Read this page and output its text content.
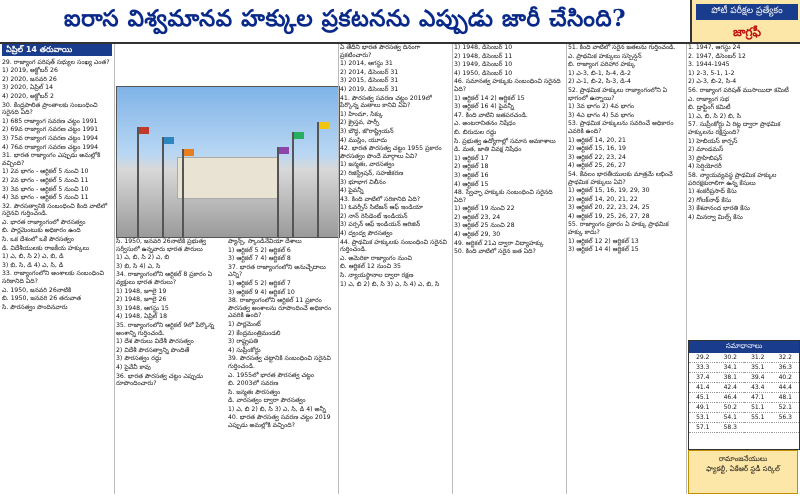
ఐరాస విశ్వమానవ హక్కుల ప్రకటనను ఎప్పుడు జారీ చేసింది?	పోటీ పరీక్షల ప్రత్యేకం
జాగ్రఫీ
ఏప్రిల్ 14 తరువాయి

29. రాజ్యాంగ పరిషత్ సభ్యుల సంఖ్య ఎంత?

1) 2019, అక్టోబర్ 26

2) 2020, జనవరి 26

3) 2020, ఏప్రిల్ 14

4) 2020, అక్టోబర్ 2

30. కేంద్రపాలిత ప్రాంతాలకు సంబంధించి సరైనది ఏది?

1) 685 రాజ్యాంగ సవరణ చట్టం 1991

2) 69వ రాజ్యాంగ సవరణ చట్టం 1991

3) 75వ రాజ్యాంగ సవరణ చట్టం 1994

4) 76వ రాజ్యాంగ సవరణ చట్టం 1994

31. భారత రాజ్యాంగం ఎప్పుడు అమల్లోకి వచ్చింది?

1) 2వ భాగం - ఆర్టికల్ 5 నుంచి 10

2) 2వ భాగం - ఆర్టికల్ 5 నుంచి 11

3) 3వ భాగం - ఆర్టికల్ 5 నుంచి 10

4) 3వ భాగం - ఆర్టికల్ 5 నుంచి 11

32. పౌరసత్వానికి సంబంధించి కింది వాటిలో సరైనవి గుర్తించండి.

ఎ. భారత రాజ్యాంగంలో పౌరసత్వం

బి. పార్లమెంటుకు అధికారం ఉంది

సి. ఒక దేశంలో ఒకే పౌరసత్వం

డి. విదేశీయులకు రాజకీయ హక్కులు

1) ఎ, బి, సి 2) ఎ, బి, డి

3) బి, సి, డి 4) ఎ, సి, డి

33. రాజ్యాంగంలోని అంశాలకు సంబంధించి సరికానిది ఏది?

ఎ. 1950, జనవరి 26నాటికి

బి. 1950, జనవరి 26 తరువాత

సి. పౌరసత్వం పొందినవారు

సి. 1950, జనవరి 26నాటికి ప్రభుత్వ సర్వీసులో ఉన్నవారు భారత పౌరులు

1) ఎ, బి, సి 2) ఎ, బి

3) బి, సి 4) ఎ, సి

34. రాజ్యాంగంలోని ఆర్టికల్ 8 ప్రకారం ఏ వ్యక్తులు భారత పౌరులు?

1) 1948, జూలై 19

2) 1948, జూలై 26

3) 1948, ఆగస్టు 15

4) 1948, ఏప్రిల్ 18

35. రాజ్యాంగంలోని ఆర్టికల్ 9లో పేర్కొన్న అంశాన్ని గుర్తించండి.

1) దేశ పౌరులు విదేశీ పౌరసత్వం

2) విదేశీ పౌరసత్వాన్ని పొందితే

3) పౌరసత్వం రద్దు

4) పైవేవీ కావు

36. భారత పౌరసత్వ చట్టం ఎప్పుడు రూపొందించారు?

ప్యాన్స్, స్కాండినేవియా దేశాలు

1) ఆర్టికల్ 5 2) ఆర్టికల్ 6

3) ఆర్టికల్ 7 4) ఆర్టికల్ 8

37. భారత రాజ్యాంగంలోని అనుచ్ఛేదాలు ఎన్ని?

1) ఆర్టికల్ 5 2) ఆర్టికల్ 7

3) ఆర్టికల్ 9 4) ఆర్టికల్ 10

38. రాజ్యాంగంలోని ఆర్టికల్ 11 ప్రకారం పౌరసత్వ అంశాలను రూపొందించే అధికారం ఎవరికి ఉంది?

1) పార్లమెంట్

2) కేంద్రమంత్రిమండలి

3) రాష్ట్రపతి

4) సుప్రీంకోర్టు

39. పౌరసత్వ చట్టానికి సంబంధించి సరైనవి గుర్తించండి.

ఎ. 1955లో భారత పౌరసత్వ చట్టం

బి. 2003లో సవరణ

సి. జన్మతః పౌరసత్వం

డి. వారసత్వం ద్వారా పౌరసత్వం

1) ఎ, బి 2) బి, సి 3) ఎ, సి, డి 4) అన్నీ

40. భారత పౌరసత్వ సవరణ చట్టం 2019 ఎప్పుడు అమల్లోకి వచ్చింది?

ఏ తేదీని భారత పౌరసత్వ దినంగా ప్రకటించారు?

1) 2014, ఆగస్టు 31

2) 2014, డిసెంబర్ 31

3) 2015, డిసెంబర్ 31

4) 2019, డిసెంబర్ 31

41. పౌరసత్వ సవరణ చట్టం 2019లో పేర్కొన్న మతాలు కానివి ఏవి?

1) హిందూ, సిక్కు

2) క్రైస్తవ, పార్సీ

3) బౌద్ధ, జొరాష్ట్రియన్

4) ముస్లిం, యూదు

42. భారత పౌరసత్వ చట్టం 1955 ప్రకారం పౌరసత్వం పొందే మార్గాలు ఏవి?

1) జన్మతః, వారసత్వం

2) రిజిస్ట్రేషన్, సహజీకరణ

3) భూభాగ విలీనం

4) పైవన్నీ

43. కింది వాటిలో సరికానిది ఏది?

1) ఓవర్సీస్ సిటిజన్ ఆఫ్ ఇండియా

2) నాన్ రెసిడెంట్ ఇండియన్

3) పర్సన్ ఆఫ్ ఇండియన్ ఆరిజిన్

4) ద్వంద్వ పౌరసత్వం

44. ప్రాథమిక హక్కులకు సంబంధించి సరైనవి గుర్తించండి.

ఎ. అమెరికా రాజ్యాంగం నుంచి

బి. ఆర్టికల్ 12 నుంచి 35

సి. న్యాయస్థానాల ద్వారా రక్షణ

1) ఎ, బి 2) బి, సి 3) ఎ, సి 4) ఎ, బి, సి

1) 1948, డిసెంబర్ 10

2) 1948, డిసెంబర్ 11

3) 1949, డిసెంబర్ 10

4) 1950, డిసెంబర్ 10

46. సమానత్వ హక్కుకు సంబంధించి సరైనది ఏది?

1) ఆర్టికల్ 14 2) ఆర్టికల్ 15

3) ఆర్టికల్ 16 4) పైవన్నీ

47. కింది వాటిని జతపరచండి.

ఎ. అంటరానితనం నిషేధం

బి. బిరుదుల రద్దు

సి. ప్రభుత్వ ఉద్యోగాల్లో సమాన అవకాశాలు

డి. మత, జాతి వివక్ష నిషేధం

1) ఆర్టికల్ 17

2) ఆర్టికల్ 18

3) ఆర్టికల్ 16

4) ఆర్టికల్ 15

48. స్వేచ్ఛా హక్కుకు సంబంధించి సరైనది ఏది?

1) ఆర్టికల్ 19 నుంచి 22

2) ఆర్టికల్ 23, 24

3) ఆర్టికల్ 25 నుంచి 28

4) ఆర్టికల్ 29, 30

49. ఆర్టికల్ 21ఎ ద్వారా విద్యాహక్కు

50. కింది వాటిలో సరైన జత ఏది?

51. కింది వాటిలో సరైన జతలను గుర్తించండి.

ఎ. ప్రాథమిక హక్కులు సస్పెన్షన్

బి. రాజ్యాంగ పరిహార హక్కు

1) ఎ-3, బి-1, సి-4, డి-2

2) ఎ-1, బి-2, సి-3, డి-4

52. ప్రాథమిక హక్కులు రాజ్యాంగంలోని ఏ భాగంలో ఉన్నాయి?

1) 3వ భాగం 2) 4వ భాగం

3) 4ఎ భాగం 4) 5వ భాగం

53. ప్రాథమిక హక్కులను సవరించే అధికారం ఎవరికి ఉంది?

1) ఆర్టికల్ 14, 20, 21

2) ఆర్టికల్ 15, 16, 19

3) ఆర్టికల్ 22, 23, 24

4) ఆర్టికల్ 25, 26, 27

54. కేవలం భారతీయులకు మాత్రమే లభించే ప్రాథమిక హక్కులు ఏవి?

1) ఆర్టికల్ 15, 16, 19, 29, 30

2) ఆర్టికల్ 14, 20, 21, 22

3) ఆర్టికల్ 20, 22, 23, 24, 25

4) ఆర్టికల్ 19, 25, 26, 27, 28

55. రాజ్యాంగం ప్రకారం ఏ హక్కు ప్రాథమిక హక్కు కాదు?

1) ఆర్టికల్ 12 2) ఆర్టికల్ 13

3) ఆర్టికల్ 14 4) ఆర్టికల్ 15

1. 1947, ఆగస్టు 24

2. 1947, డిసెంబర్ 12

3. 1944-1945

1) 2-3, 5-1, 1-2

2) ఎ-3, బి-2, సి-4

56. రాజ్యాంగ పరిషత్ ముసాయిదా కమిటీ

ఎ. రాజ్యాంగ సభ

బి. డ్రాఫ్టింగ్ కమిటీ

1) ఎ, బి, సి 2) బి, సి

57. సుప్రీంకోర్టు ఏ రిట్ల ద్వారా ప్రాథమిక హక్కులను రక్షిస్తుంది?

1) హెబియస్ కార్పస్

2) మాండమస్

3) ప్రొహిబిషన్

4) సెర్షియోరరీ

58. న్యాయవ్యవస్థ ప్రాథమిక హక్కుల పరిరక్షకురాలిగా ఉన్న కేసులు

1) శంకరీప్రసాద్ కేసు

2) గోలక్‌నాథ్ కేసు

3) కేశవానంద భారతి కేసు

4) మినర్వా మిల్స్ కేసు

సమాధానాలు
29.2	30.2	31.2	32.2
33.3	34.1	35.1	36.3
37.4	38.1	39.4	40.2
41.4	42.4	43.4	44.4
45.1	46.4	47.1	48.1
49.1	50.2	51.1	52.1
53.1	54.1	55.1	56.3
57.1	58.3		
రామాంజనేయులు
ఫ్యాకల్టీ, ఏకేఆర్ స్టడీ సర్కిల్
